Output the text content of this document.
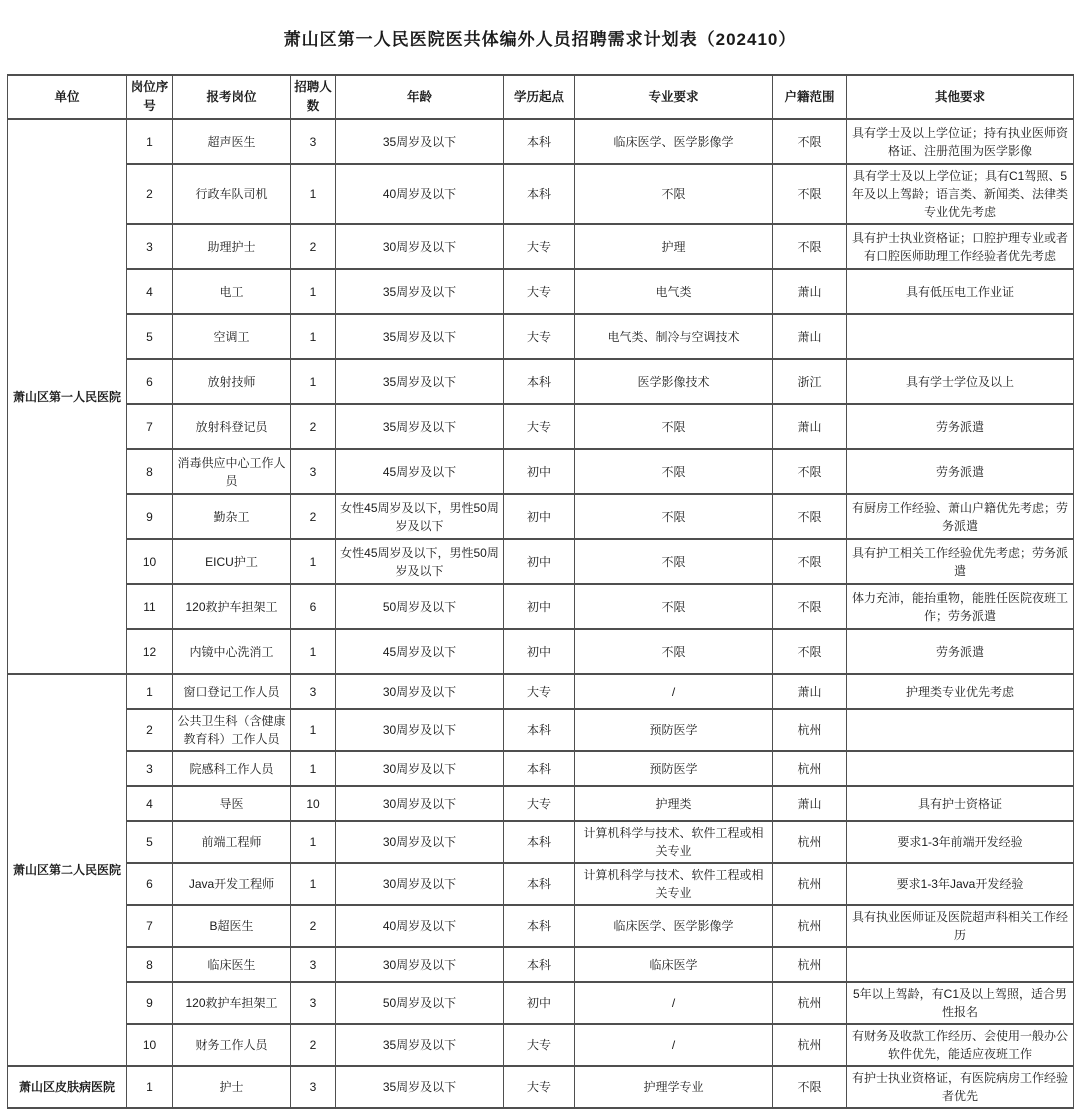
萧山区第一人民医院医共体编外人员招聘需求计划表（202410）
单位	岗位序号	报考岗位	招聘人数	年龄	学历起点	专业要求	户籍范围	其他要求
萧山区第一人民医院	1	超声医生	3	35周岁及以下	本科	临床医学、医学影像学	不限	具有学士及以上学位证；持有执业医师资格证、注册范围为医学影像
	2	行政车队司机	1	40周岁及以下	本科	不限	不限	具有学士及以上学位证；具有C1驾照、5年及以上驾龄；语言类、新闻类、法律类专业优先考虑
	3	助理护士	2	30周岁及以下	大专	护理	不限	具有护士执业资格证；口腔护理专业或者有口腔医师助理工作经验者优先考虑
	4	电工	1	35周岁及以下	大专	电气类	萧山	具有低压电工作业证
	5	空调工	1	35周岁及以下	大专	电气类、制冷与空调技术	萧山	
	6	放射技师	1	35周岁及以下	本科	医学影像技术	浙江	具有学士学位及以上
	7	放射科登记员	2	35周岁及以下	大专	不限	萧山	劳务派遣
	8	消毒供应中心工作人员	3	45周岁及以下	初中	不限	不限	劳务派遣
	9	勤杂工	2	女性45周岁及以下，男性50周岁及以下	初中	不限	不限	有厨房工作经验、萧山户籍优先考虑；劳务派遣
	10	EICU护工	1	女性45周岁及以下，男性50周岁及以下	初中	不限	不限	具有护工相关工作经验优先考虑；劳务派遣
	11	120救护车担架工	6	50周岁及以下	初中	不限	不限	体力充沛，能抬重物，能胜任医院夜班工作；劳务派遣
	12	内镜中心洗消工	1	45周岁及以下	初中	不限	不限	劳务派遣
萧山区第二人民医院	1	窗口登记工作人员	3	30周岁及以下	大专	/	萧山	护理类专业优先考虑
	2	公共卫生科（含健康教育科）工作人员	1	30周岁及以下	本科	预防医学	杭州	
	3	院感科工作人员	1	30周岁及以下	本科	预防医学	杭州	
	4	导医	10	30周岁及以下	大专	护理类	萧山	具有护士资格证
	5	前端工程师	1	30周岁及以下	本科	计算机科学与技术、软件工程或相关专业	杭州	要求1-3年前端开发经验
	6	Java开发工程师	1	30周岁及以下	本科	计算机科学与技术、软件工程或相关专业	杭州	要求1-3年Java开发经验
	7	B超医生	2	40周岁及以下	本科	临床医学、医学影像学	杭州	具有执业医师证及医院超声科相关工作经历
	8	临床医生	3	30周岁及以下	本科	临床医学	杭州	
	9	120救护车担架工	3	50周岁及以下	初中	/	杭州	5年以上驾龄，有C1及以上驾照，适合男性报名
	10	财务工作人员	2	35周岁及以下	大专	/	杭州	有财务及收款工作经历、会使用一般办公软件优先，能适应夜班工作
萧山区皮肤病医院	1	护士	3	35周岁及以下	大专	护理学专业	不限	有护士执业资格证，有医院病房工作经验者优先
